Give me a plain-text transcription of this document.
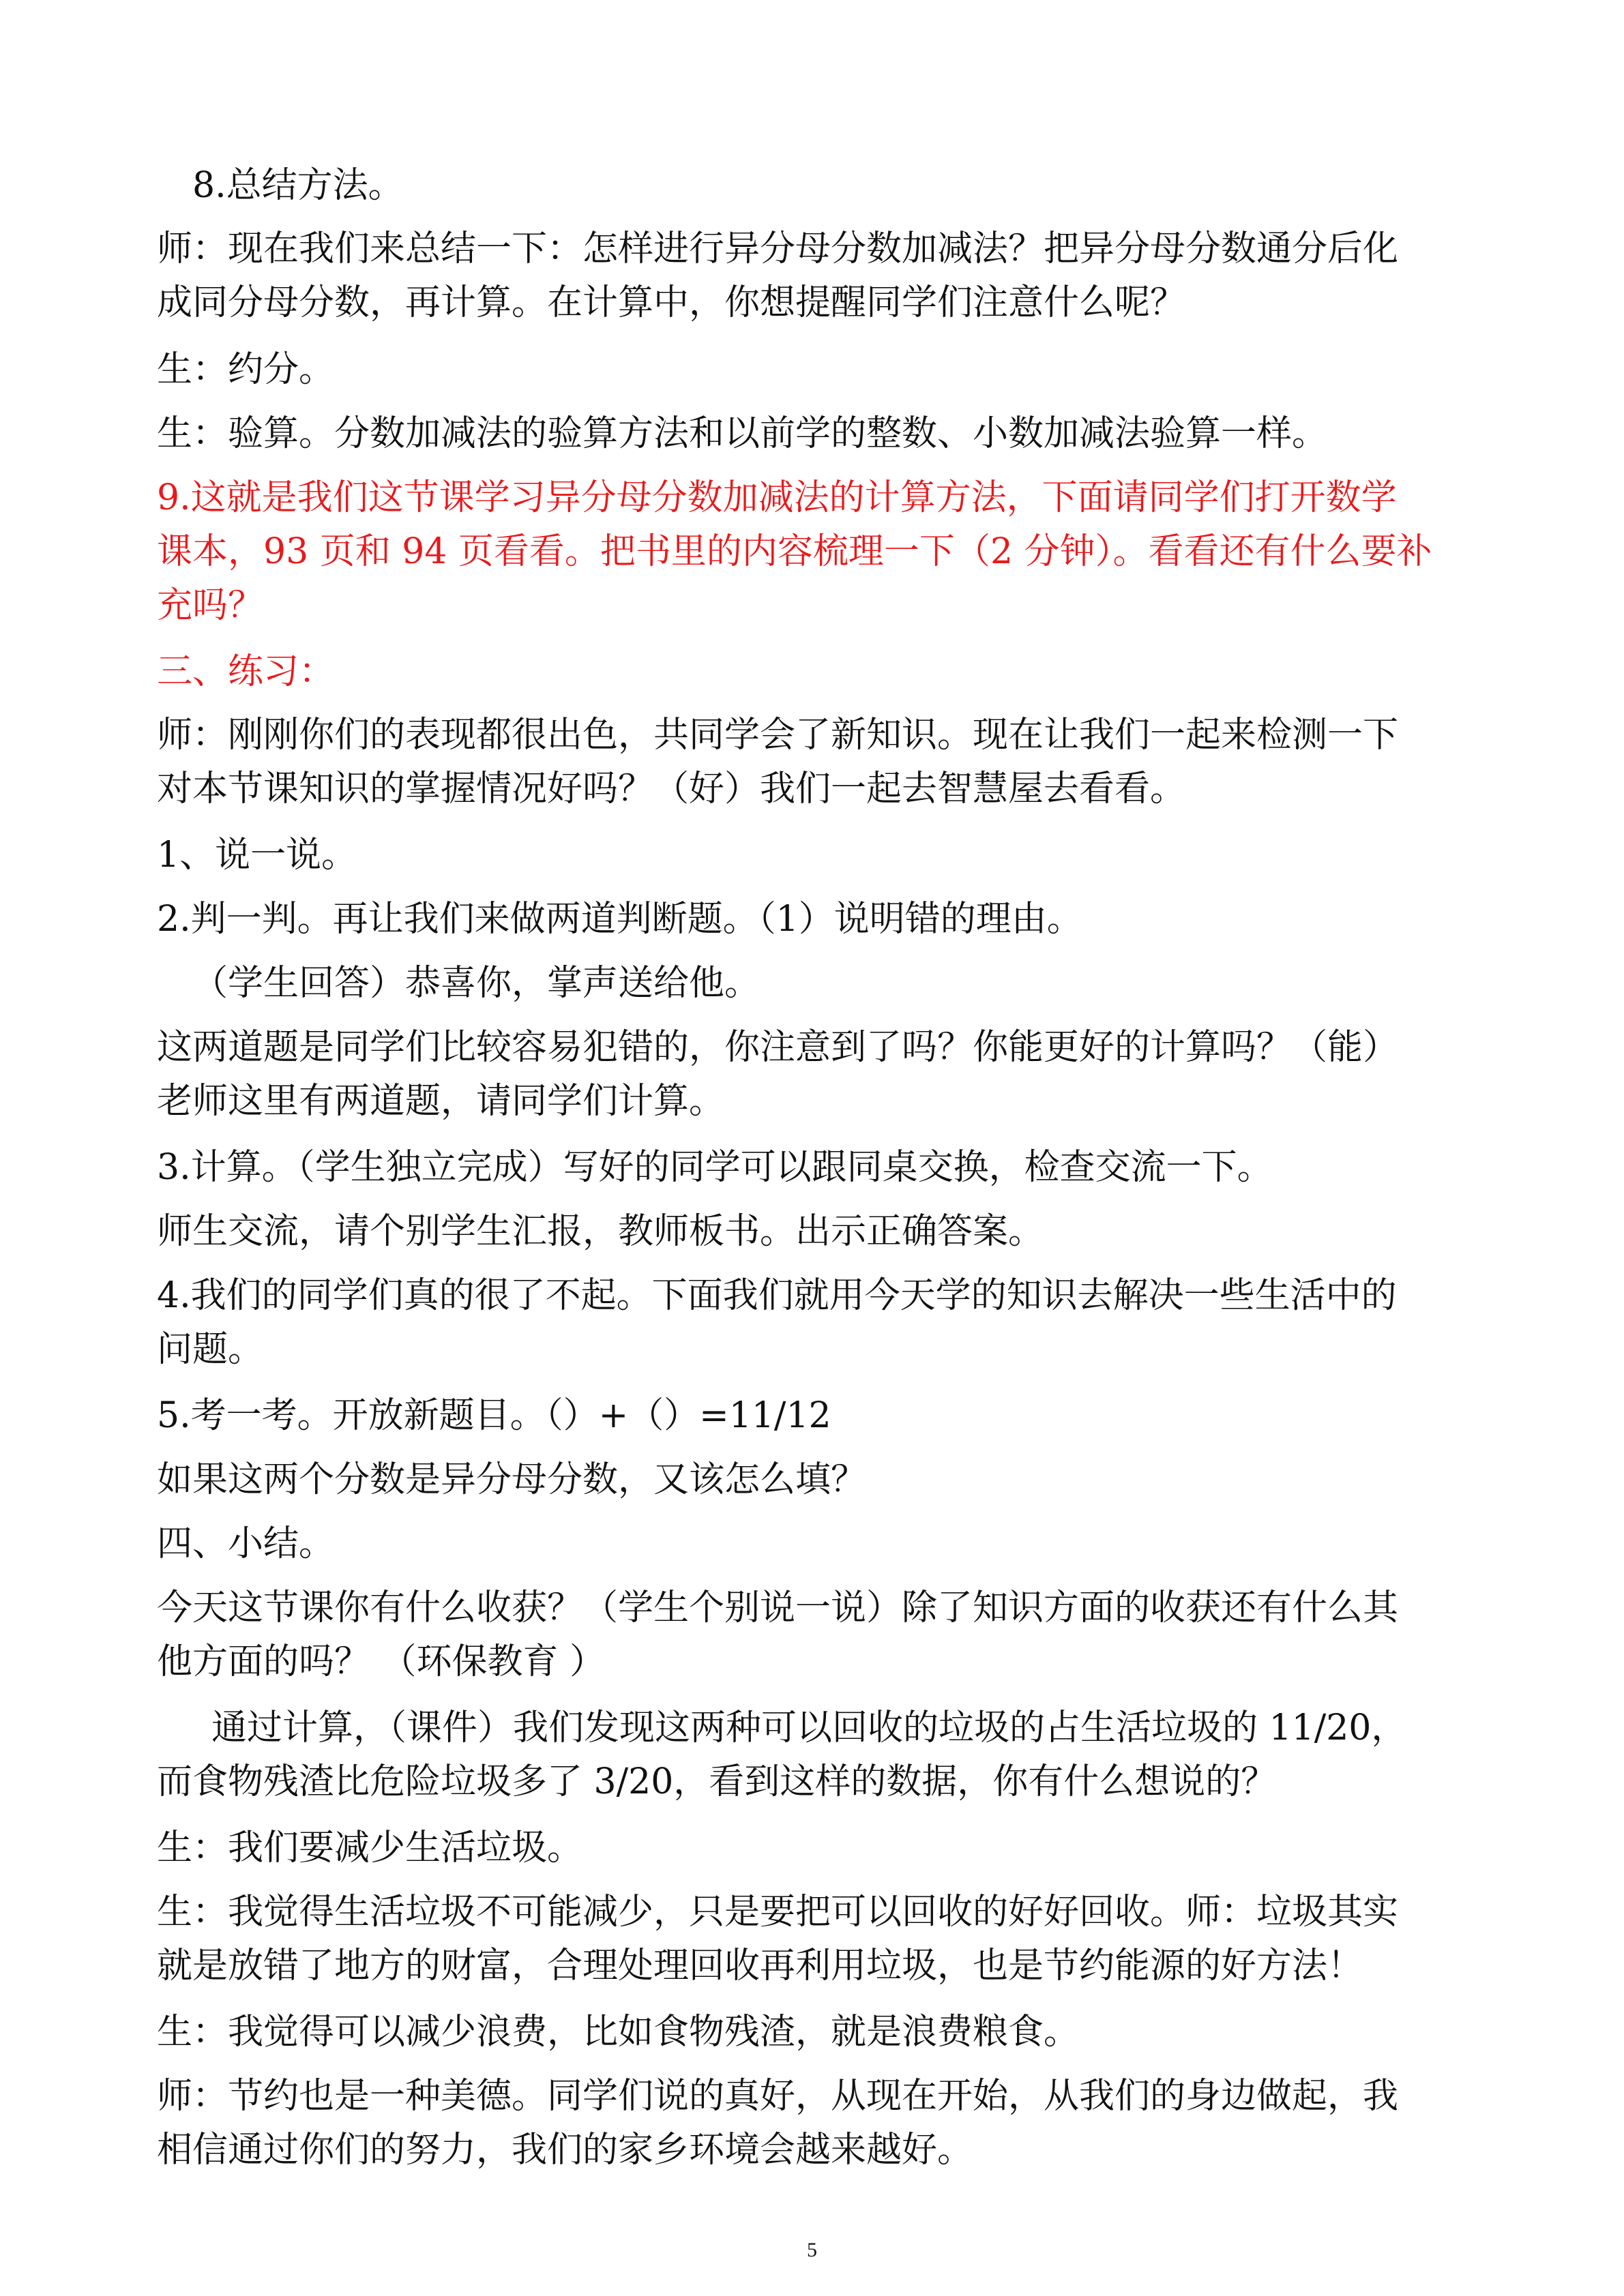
8.总结方法。
师：现在我们来总结一下：怎样进行异分母分数加减法？把异分母分数通分后化
成同分母分数，再计算。在计算中，你想提醒同学们注意什么呢？
生：约分。
生：验算。分数加减法的验算方法和以前学的整数、小数加减法验算一样。
9.这就是我们这节课学习异分母分数加减法的计算方法，下面请同学们打开数学
课本，93 页和 94 页看看。把书里的内容梳理一下（2 分钟）。看看还有什么要补
充吗？
三、练习：
师：刚刚你们的表现都很出色，共同学会了新知识。现在让我们一起来检测一下
对本节课知识的掌握情况好吗？（好）我们一起去智慧屋去看看。
1、说一说。
2.判一判。再让我们来做两道判断题。（1）说明错的理由。
（学生回答）恭喜你，掌声送给他。
这两道题是同学们比较容易犯错的，你注意到了吗？你能更好的计算吗？（能）
老师这里有两道题，请同学们计算。
3.计算。（学生独立完成）写好的同学可以跟同桌交换，检查交流一下。
师生交流，请个别学生汇报，教师板书。出示正确答案。
4.我们的同学们真的很了不起。下面我们就用今天学的知识去解决一些生活中的
问题。
5.考一考。开放新题目。（）+（）=11/12
如果这两个分数是异分母分数，又该怎么填？
四、小结。
今天这节课你有什么收获？（学生个别说一说）除了知识方面的收获还有什么其
他方面的吗？ （环保教育 ）
通过计算，（课件）我们发现这两种可以回收的垃圾的占生活垃圾的 11/20，
而食物残渣比危险垃圾多了 3/20，看到这样的数据，你有什么想说的？
生：我们要减少生活垃圾。
生：我觉得生活垃圾不可能减少，只是要把可以回收的好好回收。师：垃圾其实
就是放错了地方的财富，合理处理回收再利用垃圾，也是节约能源的好方法！
生：我觉得可以减少浪费，比如食物残渣，就是浪费粮食。
师：节约也是一种美德。同学们说的真好，从现在开始，从我们的身边做起，我
相信通过你们的努力，我们的家乡环境会越来越好。
5
